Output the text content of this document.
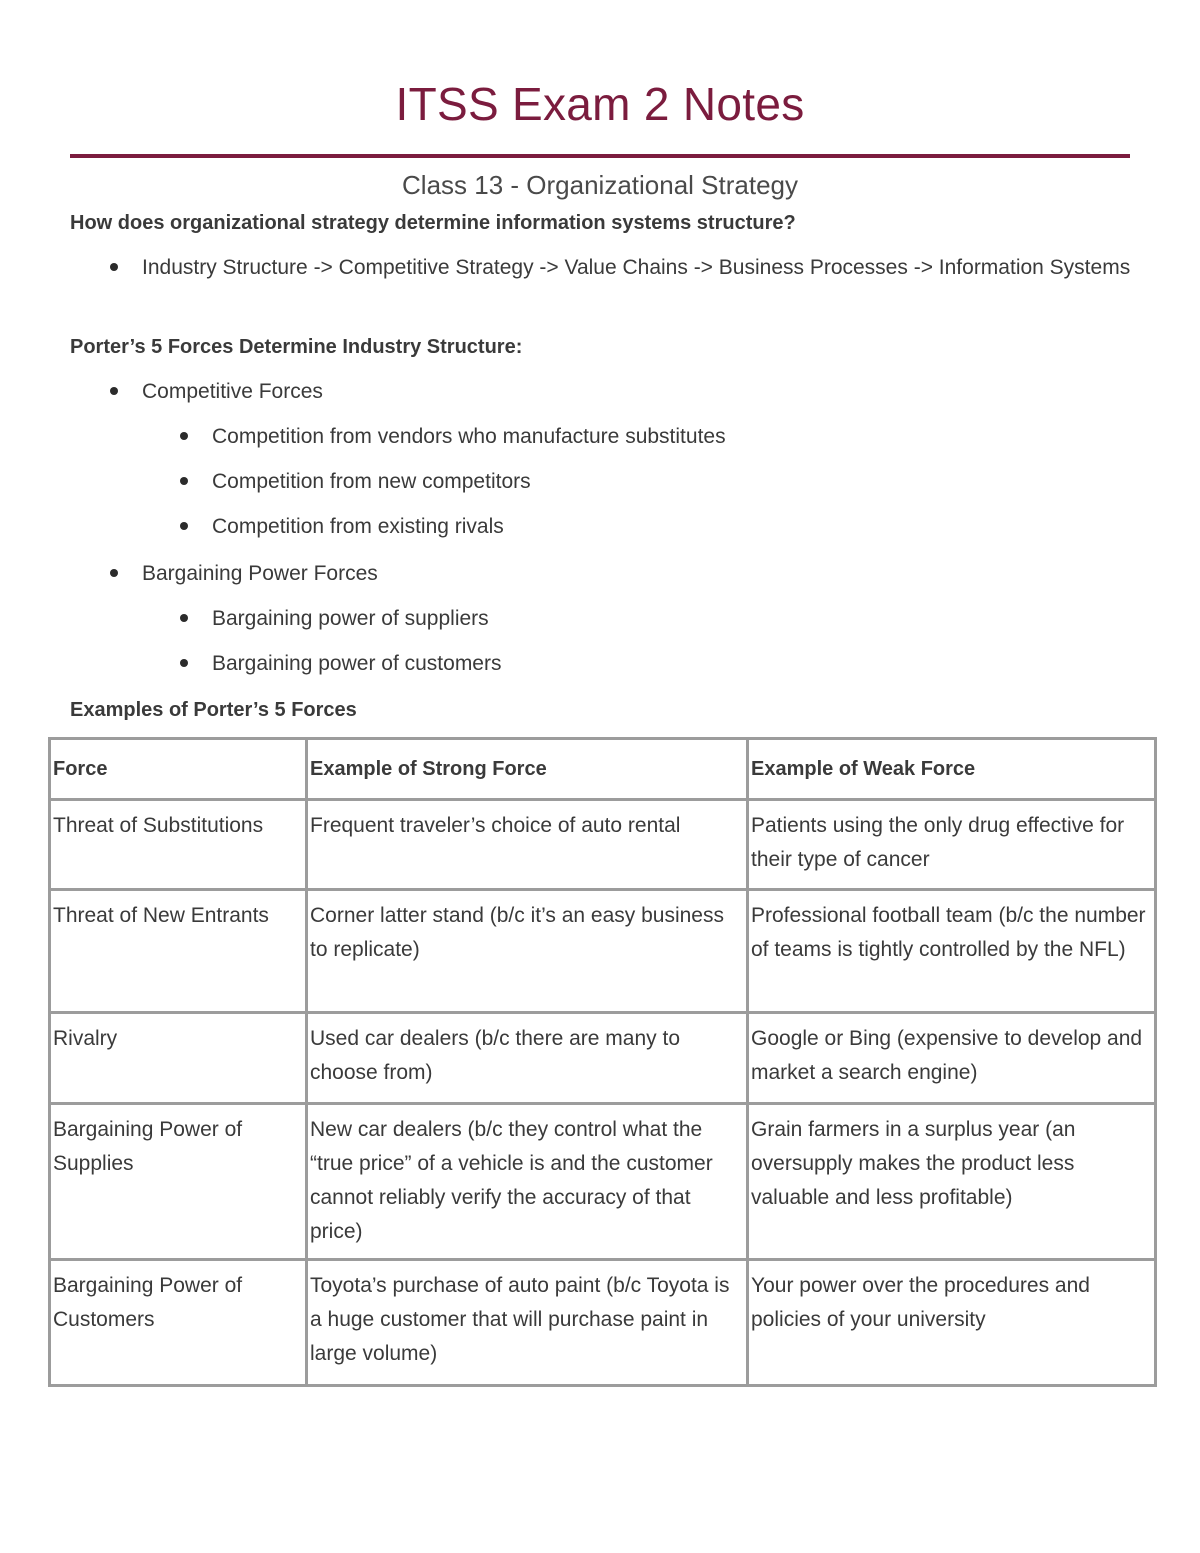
ITSS Exam 2 Notes
Class 13 - Organizational Strategy
How does organizational strategy determine information systems structure?
Industry Structure -> Competitive Strategy -> Value Chains -> Business Processes -> Information Systems
Porter’s 5 Forces Determine Industry Structure:
Competitive Forces
Competition from vendors who manufacture substitutes
Competition from new competitors
Competition from existing rivals
Bargaining Power Forces
Bargaining power of suppliers
Bargaining power of customers
Examples of Porter’s 5 Forces
Force	Example of Strong Force	Example of Weak Force
Threat of Substitutions	Frequent traveler’s choice of auto rental	Patients using the only drug effective for their type of cancer
Threat of New Entrants	Corner latter stand (b/c it’s an easy business to replicate)	Professional football team (b/c the number of teams is tightly controlled by the NFL)
Rivalry	Used car dealers (b/c there are many to choose from)	Google or Bing (expensive to develop and market a search engine)
Bargaining Power of Supplies	New car dealers (b/c they control what the “true price” of a vehicle is and the customer cannot reliably verify the accuracy of that price)	Grain farmers in a surplus year (an oversupply makes the product less valuable and less profitable)
Bargaining Power of Customers	Toyota’s purchase of auto paint (b/c Toyota is a huge customer that will purchase paint in large volume)	Your power over the procedures and policies of your university
